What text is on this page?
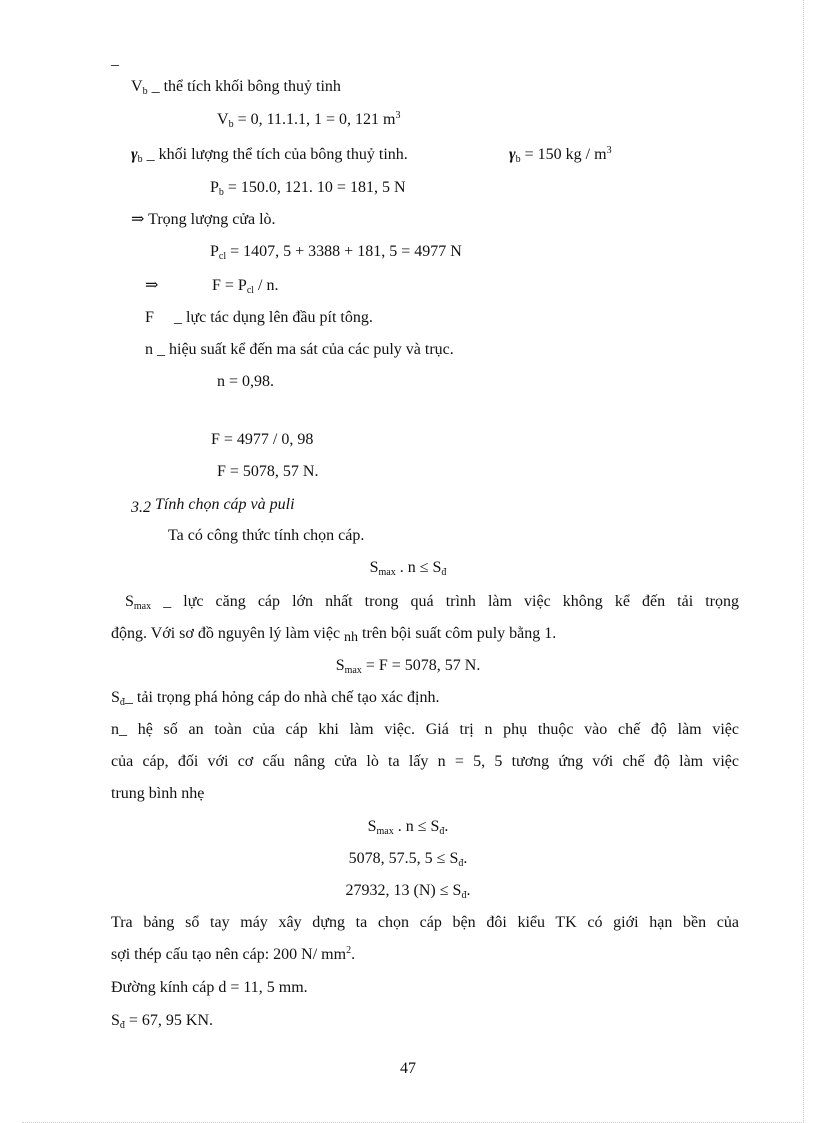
_
$V_b$ _ thể tích khối bông thuỷ tinh
$V_b = 0$, 11.1.1, 1 = 0, 121 $m^3$
$\gamma_b$ _ khối lượng thể tích của bông thuỷ tinh.	$\gamma_b = 150$ kg / $m^3$
$P_b = 150.0$, 121. 10 = 181, 5 N
⇒ Trọng lượng cửa lò.
$P_{cl} = 1407$, 5 + 3388 + 181, 5 = 4977 N
⇒	$F = P_{cl} / n$.
F _ lực tác dụng lên đầu pít tông.
n _ hiệu suất kể đến ma sát của các puly và trục.
n = 0,98.
F = 4977 / 0, 98
F = 5078, 57 N.
3.2 Tính chọn cáp và puli
Ta có công thức tính chọn cáp.
$S_{max}$ . $n \le S_đ$
$S_{max}$ _ lực căng cáp lớn nhất trong quá trình làm việc không kể đến tải trọng
động. Với sơ đồ nguyên lý làm việc nh trên bội suất côm puly bằng 1.
$S_{max} = F = 5078$, 57 N.
$S_đ\_$ tải trọng phá hỏng cáp do nhà chế tạo xác định.
n_ hệ số an toàn của cáp khi làm việc. Giá trị n phụ thuộc vào chế độ làm việc
của cáp, đối với cơ cấu nâng cửa lò ta lấy n = 5, 5 tương ứng với chế độ làm việc
trung bình nhẹ
$S_{max}$ . $n \le S_đ$.
5078, 57.5, $5 \le S_đ$.
27932, 13 $(N) \le S_đ$.
Tra bảng sổ tay máy xây dựng ta chọn cáp bện đôi kiểu TK có giới hạn bền của
sợi thép cấu tạo nên cáp: 200 N/ $mm^2$.
Đường kính cáp d = 11, 5 mm.
$S_đ = 67$, 95 KN.
47
